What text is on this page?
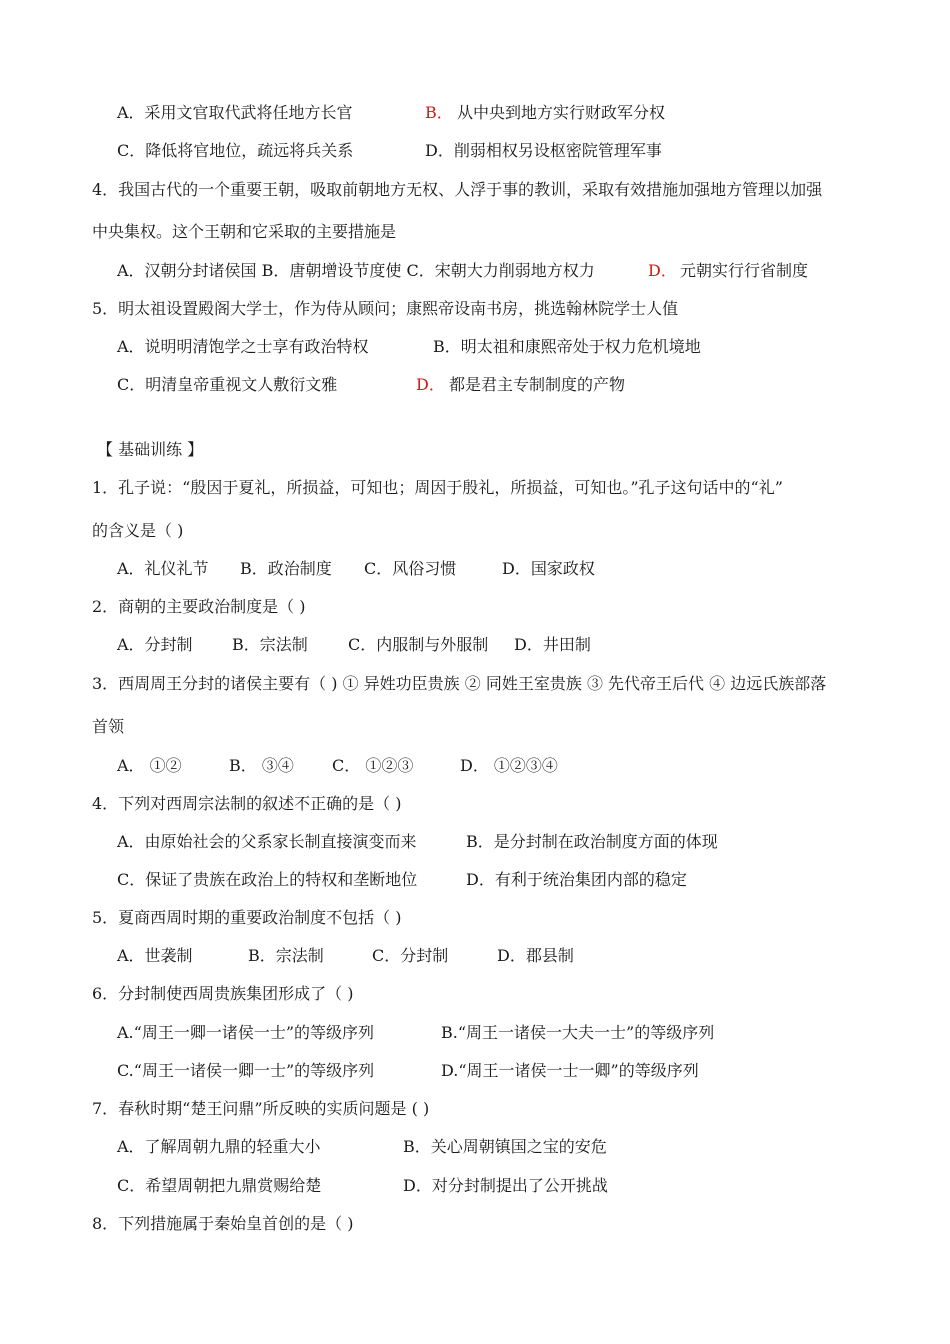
A．采用文官取代武将任地方长官	B． 从中央到地方实行财政军分权
C．降低将官地位，疏远将兵关系	D．削弱相权另设枢密院管理军事
4．我国古代的一个重要王朝，吸取前朝地方无权、人浮于事的教训，采取有效措施加强地方管理以加强
中央集权。这个王朝和它采取的主要措施是
A．汉朝分封诸侯国 B．唐朝增设节度使 C．宋朝大力削弱地方权力	D． 元朝实行行省制度
5．明太祖设置殿阁大学士，作为侍从顾问；康熙帝设南书房，挑选翰林院学士人值
A．说明明清饱学之士享有政治特权	B．明太祖和康熙帝处于权力危机境地
C．明清皇帝重视文人敷衍文雅	D． 都是君主专制制度的产物
【 基础训练 】
1．孔子说：“殷因于夏礼，所损益，可知也；周因于殷礼，所损益，可知也。”孔子这句话中的“礼”
的含义是（ )
A．礼仪礼节 B．政治制度 C．风俗习惯	D．国家政权
2．商朝的主要政治制度是（ )
A．分封制 B．宗法制	C．内服制与外服制 D．井田制
3．西周周王分封的诸侯主要有（ ) ① 异姓功臣贵族 ② 同姓王室贵族 ③ 先代帝王后代 ④ 边远氏族部落
首领
A． ①②	B． ③④ C． ①②③	D． ①②③④
4．下列对西周宗法制的叙述不正确的是（ )
A．由原始社会的父系家长制直接演变而来	B．是分封制在政治制度方面的体现
C．保证了贵族在政治上的特权和垄断地位	D．有利于统治集团内部的稳定
5．夏商西周时期的重要政治制度不包括（ )
A．世袭制	B．宗法制	C．分封制	D．郡县制
6．分封制使西周贵族集团形成了（ )
A.“周王一卿一诸侯一士”的等级序列	B.“周王一诸侯一大夫一士”的等级序列
C.“周王一诸侯一卿一士”的等级序列	D.“周王一诸侯一士一卿”的等级序列
7．春秋时期“楚王问鼎”所反映的实质问题是 ( )
A．了解周朝九鼎的轻重大小	B．关心周朝镇国之宝的安危
C．希望周朝把九鼎赏赐给楚	D．对分封制提出了公开挑战
8．下列措施属于秦始皇首创的是（ )
